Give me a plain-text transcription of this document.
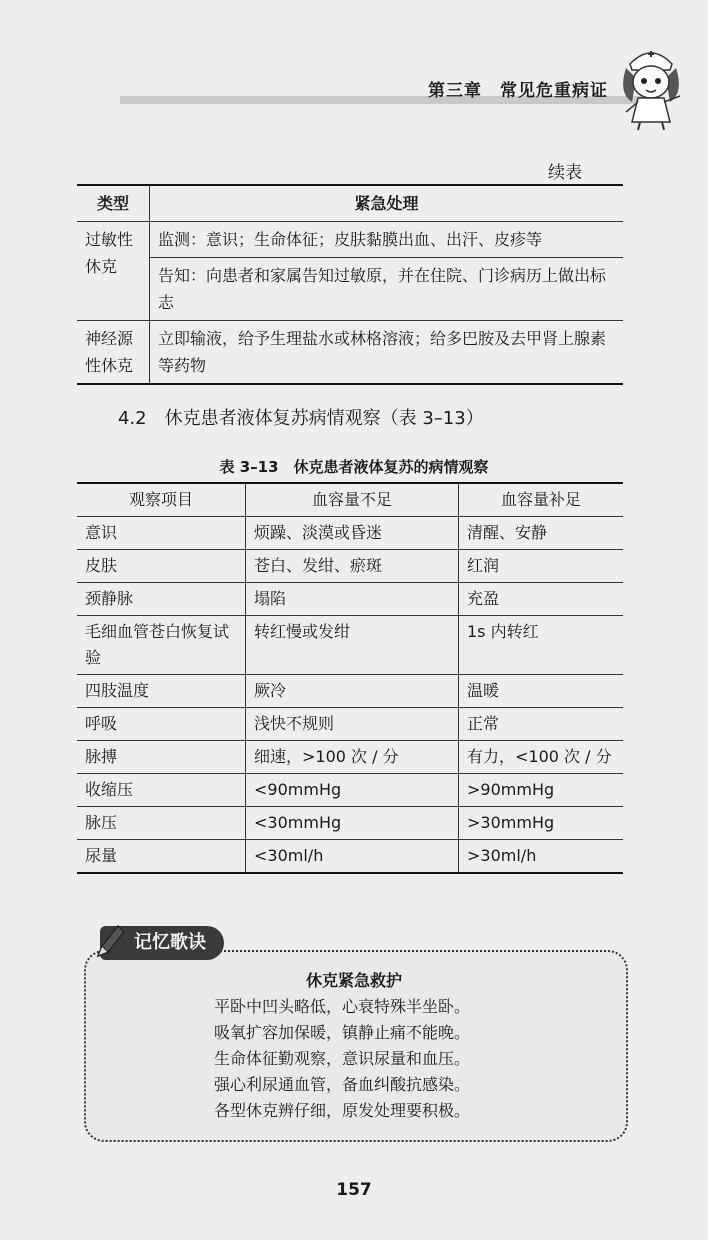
第三章　常见危重病证
续表
类型	紧急处理
过敏性休克	监测：意识；生命体征；皮肤黏膜出血、出汗、皮疹等
	告知：向患者和家属告知过敏原，并在住院、门诊病历上做出标志
神经源性休克	立即输液，给予生理盐水或林格溶液；给多巴胺及去甲肾上腺素等药物
4.2　休克患者液体复苏病情观察（表 3–13）
表 3–13　休克患者液体复苏的病情观察
观察项目	血容量不足	血容量补足
意识	烦躁、淡漠或昏迷	清醒、安静
皮肤	苍白、发绀、瘀斑	红润
颈静脉	塌陷	充盈
毛细血管苍白恢复试验	转红慢或发绀	1s 内转红
四肢温度	厥冷	温暖
呼吸	浅快不规则	正常
脉搏	细速，>100 次 / 分	有力，<100 次 / 分
收缩压	<90mmHg	>90mmHg
脉压	<30mmHg	>30mmHg
尿量	<30ml/h	>30ml/h
记忆歌诀
休克紧急救护
平卧中凹头略低，心衰特殊半坐卧。
吸氧扩容加保暖，镇静止痛不能晚。
生命体征勤观察，意识尿量和血压。
强心利尿通血管，备血纠酸抗感染。
各型休克辨仔细，原发处理要积极。
157
